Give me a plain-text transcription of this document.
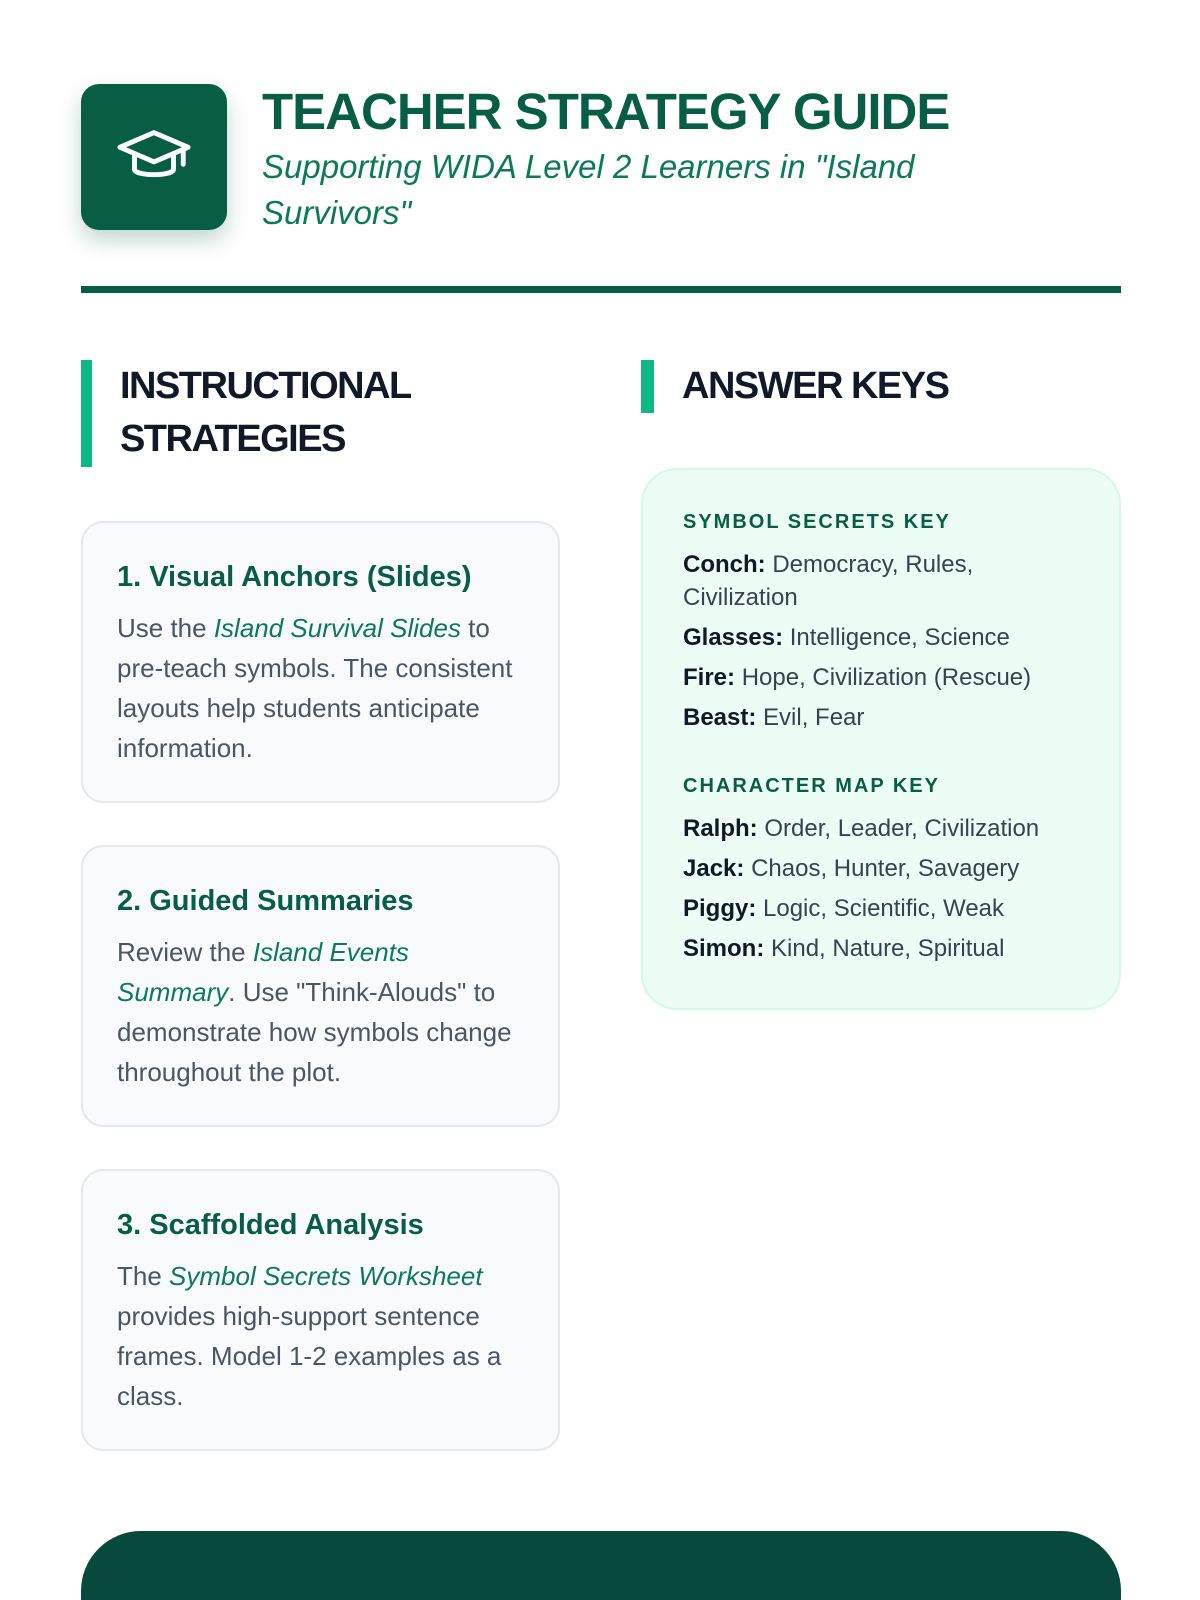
TEACHER STRATEGY GUIDE
Supporting WIDA Level 2 Learners in "Island Survivors"
INSTRUCTIONAL STRATEGIES
ANSWER KEYS
1. Visual Anchors (Slides)

Use the Island Survival Slides to pre-teach symbols. The consistent layouts help students anticipate information.

2. Guided Summaries

Review the Island Events Summary. Use "Think-Alouds" to demonstrate how symbols change throughout the plot.

3. Scaffolded Analysis

The Symbol Secrets Worksheet provides high-support sentence frames. Model 1-2 examples as a class.

SYMBOL SECRETS KEY
Conch: Democracy, Rules, Civilization
Glasses: Intelligence, Science
Fire: Hope, Civilization (Rescue)
Beast: Evil, Fear
CHARACTER MAP KEY
Ralph: Order, Leader, Civilization
Jack: Chaos, Hunter, Savagery
Piggy: Logic, Scientific, Weak
Simon: Kind, Nature, Spiritual
